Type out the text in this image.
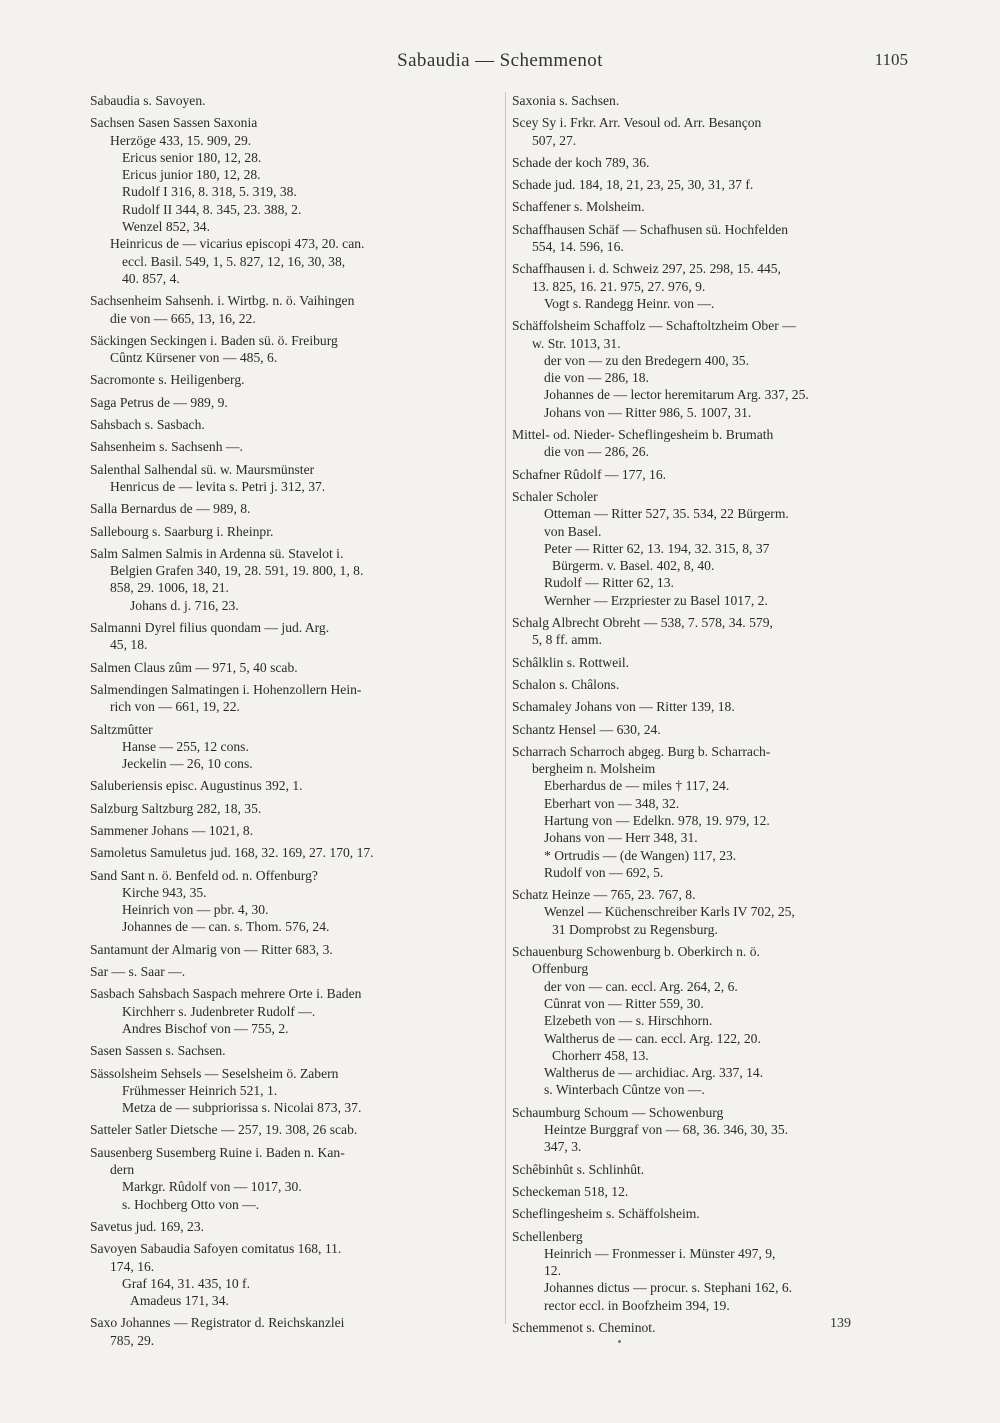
Sabaudia — Schemmenot	1105
Sabaudia s. Savoyen.
Sachsen Sasen Sassen Saxonia
Herzöge 433, 15. 909, 29.
Ericus senior 180, 12, 28.
Ericus junior 180, 12, 28.
Rudolf I 316, 8. 318, 5. 319, 38.
Rudolf II 344, 8. 345, 23. 388, 2.
Wenzel 852, 34.
Heinricus de — vicarius episcopi 473, 20. can.
eccl. Basil. 549, 1, 5. 827, 12, 16, 30, 38,
40. 857, 4.
Sachsenheim Sahsenh. i. Wirtbg. n. ö. Vaihingen
die von — 665, 13, 16, 22.
Säckingen Seckingen i. Baden sü. ö. Freiburg
Cûntz Kürsener von — 485, 6.
Sacromonte s. Heiligenberg.
Saga Petrus de — 989, 9.
Sahsbach s. Sasbach.
Sahsenheim s. Sachsenh —.
Salenthal Salhendal sü. w. Maursmünster
Henricus de — levita s. Petri j. 312, 37.
Salla Bernardus de — 989, 8.
Sallebourg s. Saarburg i. Rheinpr.
Salm Salmen Salmis in Ardenna sü. Stavelot i.
Belgien Grafen 340, 19, 28. 591, 19. 800, 1, 8.
858, 29. 1006, 18, 21.
Johans d. j. 716, 23.
Salmanni Dyrel filius quondam — jud. Arg.
45, 18.
Salmen Claus zûm — 971, 5, 40 scab.
Salmendingen Salmatingen i. Hohenzollern Hein-
rich von — 661, 19, 22.
Saltzmûtter
Hanse — 255, 12 cons.
Jeckelin — 26, 10 cons.
Saluberiensis episc. Augustinus 392, 1.
Salzburg Saltzburg 282, 18, 35.
Sammener Johans — 1021, 8.
Samoletus Samuletus jud. 168, 32. 169, 27. 170, 17.
Sand Sant n. ö. Benfeld od. n. Offenburg?
Kirche 943, 35.
Heinrich von — pbr. 4, 30.
Johannes de — can. s. Thom. 576, 24.
Santamunt der Almarig von — Ritter 683, 3.
Sar — s. Saar —.
Sasbach Sahsbach Saspach mehrere Orte i. Baden
Kirchherr s. Judenbreter Rudolf —.
Andres Bischof von — 755, 2.
Sasen Sassen s. Sachsen.
Sässolsheim Sehsels — Seselsheim ö. Zabern
Frühmesser Heinrich 521, 1.
Metza de — subpriorissa s. Nicolai 873, 37.
Satteler Satler Dietsche — 257, 19. 308, 26 scab.
Sausenberg Susemberg Ruine i. Baden n. Kan-
dern
Markgr. Rûdolf von — 1017, 30.
s. Hochberg Otto von —.
Savetus jud. 169, 23.
Savoyen Sabaudia Safoyen comitatus 168, 11.
174, 16.
Graf 164, 31. 435, 10 f.
Amadeus 171, 34.
Saxo Johannes — Registrator d. Reichskanzlei
785, 29.
Saxonia s. Sachsen.
Scey Sy i. Frkr. Arr. Vesoul od. Arr. Besançon
507, 27.
Schade der koch 789, 36.
Schade jud. 184, 18, 21, 23, 25, 30, 31, 37 f.
Schaffener s. Molsheim.
Schaffhausen Schäf — Schafhusen sü. Hochfelden
554, 14. 596, 16.
Schaffhausen i. d. Schweiz 297, 25. 298, 15. 445,
13. 825, 16. 21. 975, 27. 976, 9.
Vogt s. Randegg Heinr. von —.
Schäffolsheim Schaffolz — Schaftoltzheim Ober —
w. Str. 1013, 31.
der von — zu den Bredegern 400, 35.
die von — 286, 18.
Johannes de — lector heremitarum Arg. 337, 25.
Johans von — Ritter 986, 5. 1007, 31.
Mittel- od. Nieder- Scheflingesheim b. Brumath
die von — 286, 26.
Schafner Rûdolf — 177, 16.
Schaler Scholer
Otteman — Ritter 527, 35. 534, 22 Bürgerm.
von Basel.
Peter — Ritter 62, 13. 194, 32. 315, 8, 37
Bürgerm. v. Basel. 402, 8, 40.
Rudolf — Ritter 62, 13.
Wernher — Erzpriester zu Basel 1017, 2.
Schalg Albrecht Obreht — 538, 7. 578, 34. 579,
5, 8 ff. amm.
Schâlklin s. Rottweil.
Schalon s. Châlons.
Schamaley Johans von — Ritter 139, 18.
Schantz Hensel — 630, 24.
Scharrach Scharroch abgeg. Burg b. Scharrach-
bergheim n. Molsheim
Eberhardus de — miles † 117, 24.
Eberhart von — 348, 32.
Hartung von — Edelkn. 978, 19. 979, 12.
Johans von — Herr 348, 31.
* Ortrudis — (de Wangen) 117, 23.
Rudolf von — 692, 5.
Schatz Heinze — 765, 23. 767, 8.
Wenzel — Küchenschreiber Karls IV 702, 25,
31 Domprobst zu Regensburg.
Schauenburg Schowenburg b. Oberkirch n. ö.
Offenburg
der von — can. eccl. Arg. 264, 2, 6.
Cûnrat von — Ritter 559, 30.
Elzebeth von — s. Hirschhorn.
Waltherus de — can. eccl. Arg. 122, 20.
Chorherr 458, 13.
Waltherus de — archidiac. Arg. 337, 14.
s. Winterbach Cûntze von —.
Schaumburg Schoum — Schowenburg
Heintze Burggraf von — 68, 36. 346, 30, 35.
347, 3.
Schêbinhût s. Schlinhût.
Scheckeman 518, 12.
Scheflingesheim s. Schäffolsheim.
Schellenberg
Heinrich — Fronmesser i. Münster 497, 9,
12.
Johannes dictus — procur. s. Stephani 162, 6.
rector eccl. in Boofzheim 394, 19.
Schemmenot s. Cheminot.	139
